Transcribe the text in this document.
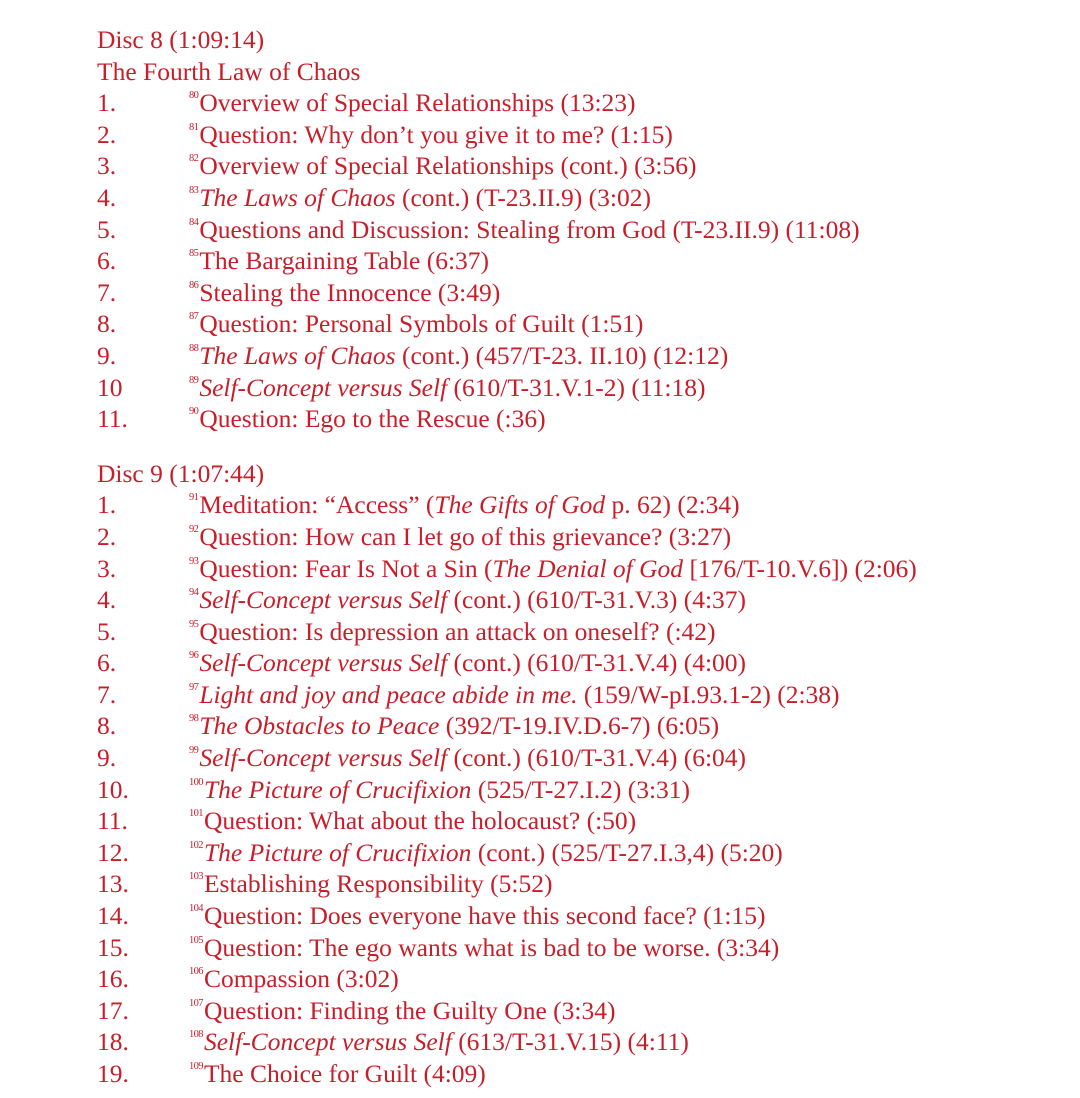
Disc 8 (1:09:14)
The Fourth Law of Chaos
1.	$^{80}$Overview of Special Relationships (13:23)
2.	$^{81}$Question: Why don’t you give it to me? (1:15)
3.	$^{82}$Overview of Special Relationships (cont.) (3:56)
4.	$^{83}$The Laws of Chaos (cont.) (T-23.II.9) (3:02)
5.	$^{84}$Questions and Discussion: Stealing from God (T-23.II.9) (11:08)
6.	$^{85}$The Bargaining Table (6:37)
7.	$^{86}$Stealing the Innocence (3:49)
8.	$^{87}$Question: Personal Symbols of Guilt (1:51)
9.	$^{88}$The Laws of Chaos (cont.) (457/T-23. II.10) (12:12)
10	$^{89}$Self-Concept versus Self (610/T-31.V.1-2) (11:18)
11.	$^{90}$Question: Ego to the Rescue (:36)
Disc 9 (1:07:44)
1.	$^{91}$Meditation: “Access” (The Gifts of God p. 62) (2:34)
2.	$^{92}$Question: How can I let go of this grievance? (3:27)
3.	$^{93}$Question: Fear Is Not a Sin (The Denial of God [176/T-10.V.6]) (2:06)
4.	$^{94}$Self-Concept versus Self (cont.) (610/T-31.V.3) (4:37)
5.	$^{95}$Question: Is depression an attack on oneself? (:42)
6.	$^{96}$Self-Concept versus Self (cont.) (610/T-31.V.4) (4:00)
7.	$^{97}$Light and joy and peace abide in me. (159/W-pI.93.1-2) (2:38)
8.	$^{98}$The Obstacles to Peace (392/T-19.IV.D.6-7) (6:05)
9.	$^{99}$Self-Concept versus Self (cont.) (610/T-31.V.4) (6:04)
10.	$^{100}$The Picture of Crucifixion (525/T-27.I.2) (3:31)
11.	$^{101}$Question: What about the holocaust? (:50)
12.	$^{102}$The Picture of Crucifixion (cont.) (525/T-27.I.3,4) (5:20)
13.	$^{103}$Establishing Responsibility (5:52)
14.	$^{104}$Question: Does everyone have this second face? (1:15)
15.	$^{105}$Question: The ego wants what is bad to be worse. (3:34)
16.	$^{106}$Compassion (3:02)
17.	$^{107}$Question: Finding the Guilty One (3:34)
18.	$^{108}$Self-Concept versus Self (613/T-31.V.15) (4:11)
19.	$^{109}$The Choice for Guilt (4:09)
